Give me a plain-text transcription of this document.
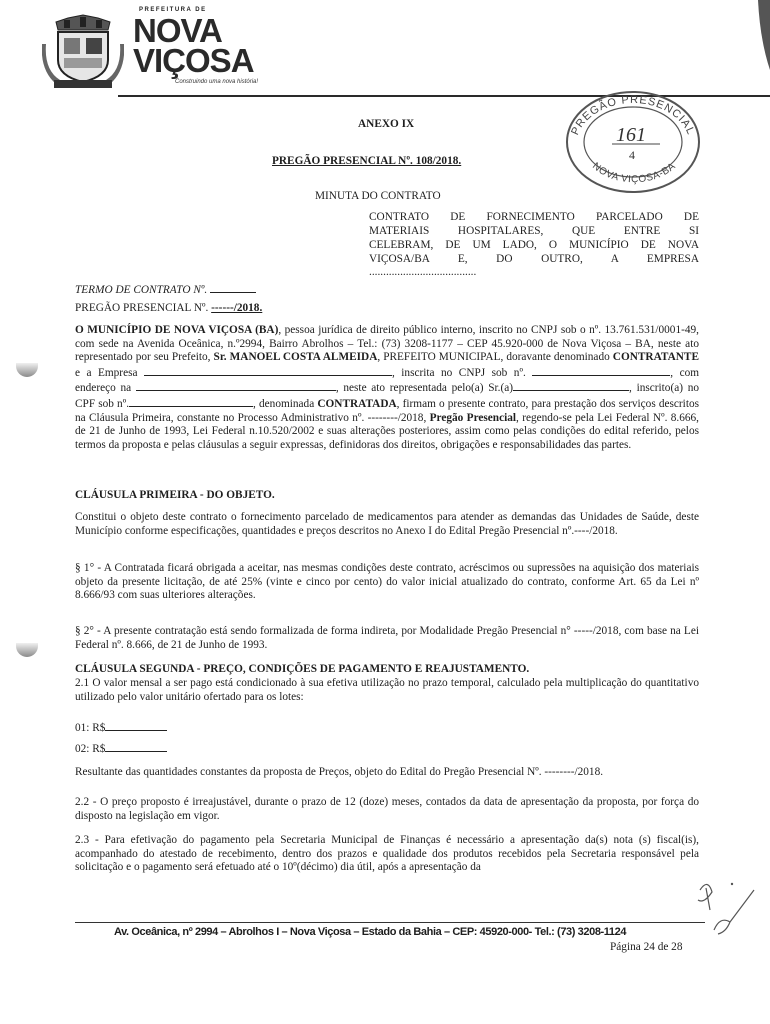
PREFEITURA DE
NOVA
VIÇOSA
Construindo uma nova história!
PREGÃO PRESENCIAL
NOVA VIÇOSA-BA
161
4
ANEXO IX
PREGÃO PRESENCIAL Nº. 108/2018.
MINUTA DO CONTRATO
CONTRATO DE FORNECIMENTO PARCELADO DE
MATERIAIS HOSPITALARES, QUE ENTRE SI
CELEBRAM, DE UM LADO, O MUNICÍPIO DE NOVA
VIÇOSA/BA E, DO OUTRO, A EMPRESA
......................................
TERMO DE CONTRATO Nº.
PREGÃO PRESENCIAL Nº. ------/2018.
O MUNICÍPIO DE NOVA VIÇOSA (BA), pessoa jurídica de direito público interno, inscrito no CNPJ sob o nº. 13.761.531/0001-49, com sede na Avenida Oceânica, n.º2994, Bairro Abrolhos – Tel.: (73) 3208-1177 – CEP 45.920-000 de Nova Viçosa – BA, neste ato representado por seu Prefeito, Sr. MANOEL COSTA ALMEIDA, PREFEITO MUNICIPAL, doravante denominado CONTRATANTE e a Empresa	, inscrita no CNPJ sob nº.	, com endereço na	, neste ato representada pelo(a) Sr.(a)	, inscrito(a) no CPF sob nº.	, denominada CONTRATADA, firmam o presente contrato, para prestação dos serviços descritos na Cláusula Primeira, constante no Processo Administrativo nº. --------/2018, Pregão Presencial, regendo-se pela Lei Federal Nº. 8.666, de 21 de Junho de 1993, Lei Federal n.10.520/2002 e suas alterações posteriores, assim como pelas condições do edital referido, pelos termos da proposta e pelas cláusulas a seguir expressas, definidoras dos direitos, obrigações e responsabilidades das partes.
CLÁUSULA PRIMEIRA - DO OBJETO.
Constitui o objeto deste contrato o fornecimento parcelado de medicamentos para atender as demandas das Unidades de Saúde, deste Município conforme especificações, quantidades e preços descritos no Anexo I do Edital Pregão Presencial nº.----/2018.
§ 1° - A Contratada ficará obrigada a aceitar, nas mesmas condições deste contrato, acréscimos ou supressões na aquisição dos materiais objeto da presente licitação, de até 25% (vinte e cinco por cento) do valor inicial atualizado do contrato, conforme Art. 65 da Lei nº 8.666/93 com suas ulteriores alterações.
§ 2° - A presente contratação está sendo formalizada de forma indireta, por Modalidade Pregão Presencial n° -----/2018, com base na Lei Federal nº. 8.666, de 21 de Junho de 1993.
CLÁUSULA SEGUNDA - PREÇO, CONDIÇÕES DE PAGAMENTO E REAJUSTAMENTO.
2.1 O valor mensal a ser pago está condicionado à sua efetiva utilização no prazo temporal, calculado pela multiplicação do quantitativo utilizado pelo valor unitário ofertado para os lotes:
01: R$
02: R$
Resultante das quantidades constantes da proposta de Preços, objeto do Edital do Pregão Presencial Nº. --------/2018.
2.2 - O preço proposto é irreajustável, durante o prazo de 12 (doze) meses, contados da data de apresentação da proposta, por força do disposto na legislação em vigor.
2.3 - Para efetivação do pagamento pela Secretaria Municipal de Finanças é necessário a apresentação da(s) nota (s) fiscal(is), acompanhado do atestado de recebimento, dentro dos prazos e qualidade dos produtos recebidos pela Secretaria responsável pela solicitação e o pagamento será efetuado até o 10º(décimo) dia útil, após a apresentação da
Av. Oceânica, nº 2994 – Abrolhos I – Nova Viçosa – Estado da Bahia – CEP: 45920-000- Tel.: (73) 3208-1124
Página 24 de 28
